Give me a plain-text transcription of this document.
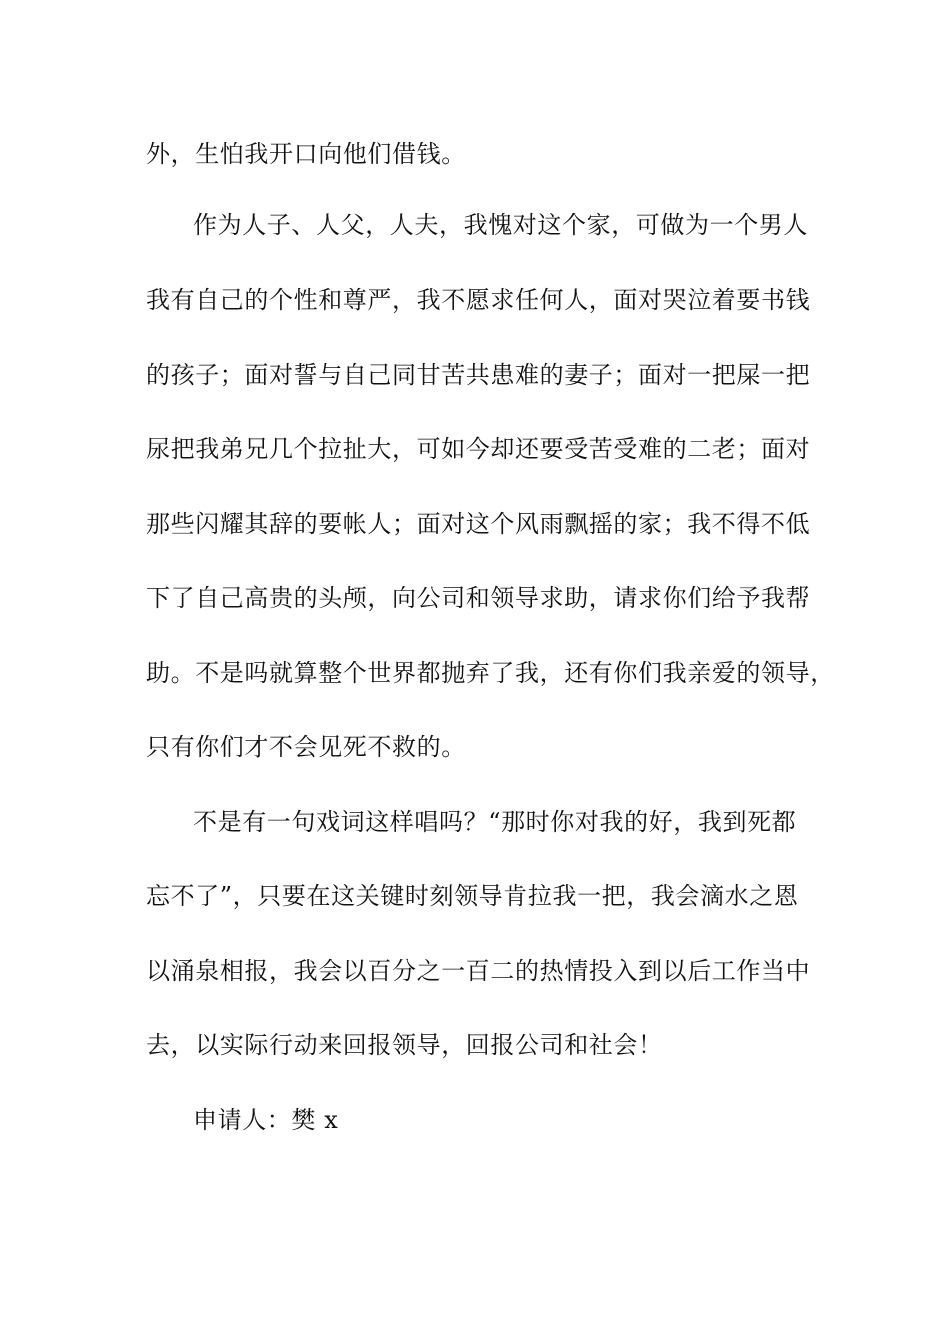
外，生怕我开口向他们借钱。
作为人子、人父，人夫，我愧对这个家，可做为一个男人
我有自己的个性和尊严，我不愿求任何人，面对哭泣着要书钱
的孩子；面对誓与自己同甘苦共患难的妻子；面对一把屎一把
尿把我弟兄几个拉扯大，可如今却还要受苦受难的二老；面对
那些闪耀其辞的要帐人；面对这个风雨飘摇的家；我不得不低
下了自己高贵的头颅，向公司和领导求助，请求你们给予我帮
助。不是吗就算整个世界都抛弃了我，还有你们我亲爱的领导，
只有你们才不会见死不救的。
不是有一句戏词这样唱吗？“那时你对我的好，我到死都
忘不了”，只要在这关键时刻领导肯拉我一把，我会滴水之恩
以涌泉相报，我会以百分之一百二的热情投入到以后工作当中
去，以实际行动来回报领导，回报公司和社会！
申请人：樊 x
